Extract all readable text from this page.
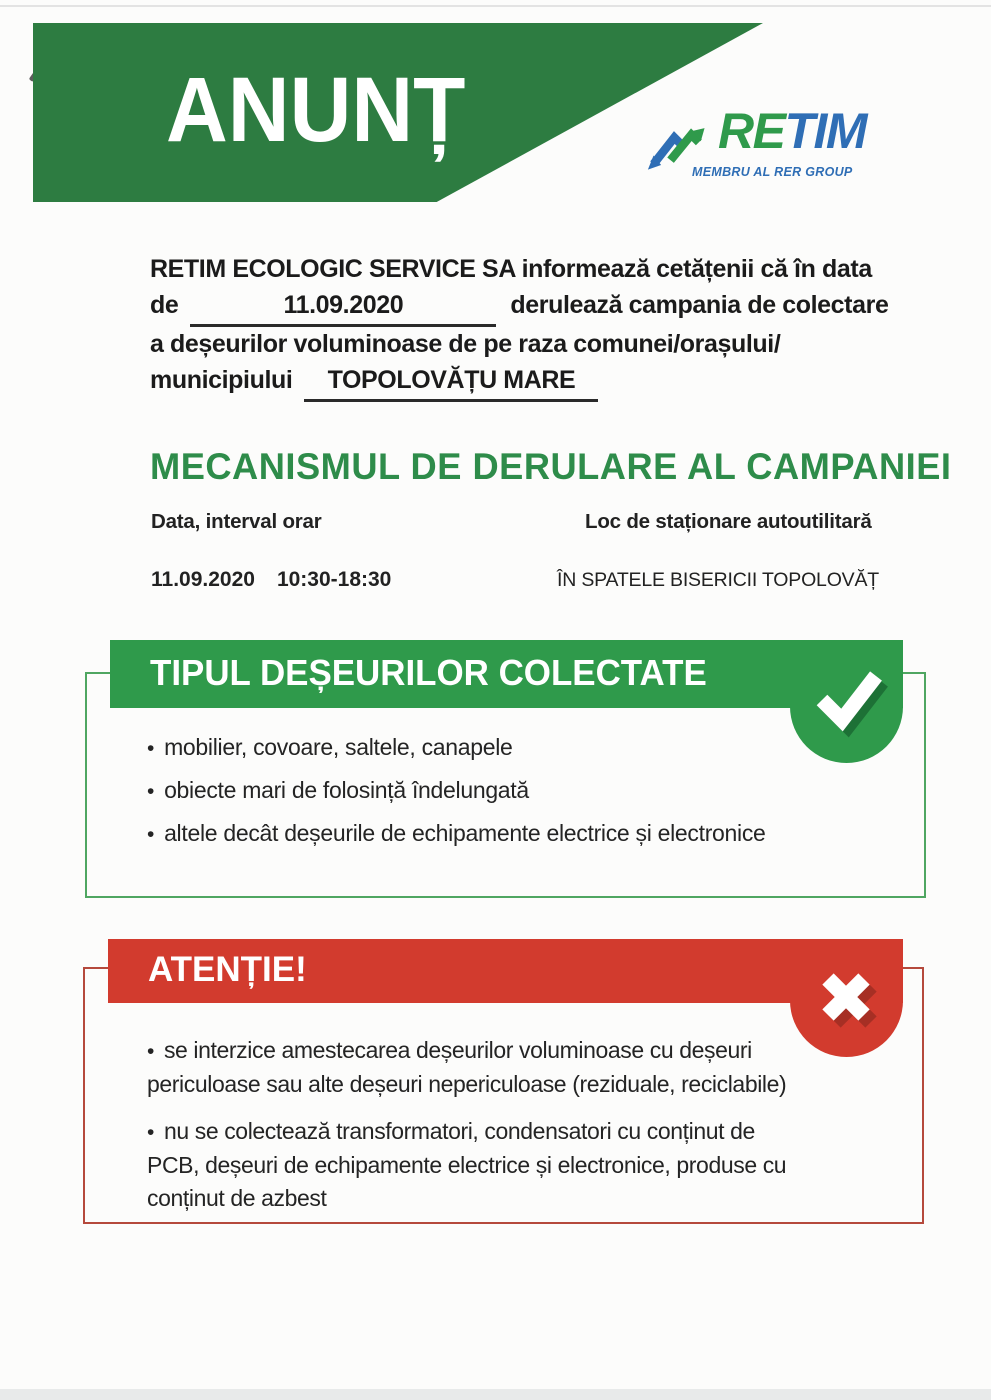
ANUNȚ	RETIM
MEMBRU AL RER GROUP
RETIM ECOLOGIC SERVICE SA informează cetățenii că în data
de	11.09.2020	derulează campania de colectare
a deșeurilor voluminoase de pe raza comunei/orașului/
municipiului TOPOLOVĂȚU MARE
MECANISMUL DE DERULARE AL CAMPANIEI
Data, interval orar	Loc de staționare autoutilitară
11.09.2020 10:30-18:30	ÎN SPATELE BISERICII TOPOLOVĂȚ
TIPUL DEȘEURILOR COLECTATE
• mobilier, covoare, saltele, canapele
• obiecte mari de folosință îndelungată
• altele decât deșeurile de echipamente electrice și electronice
ATENȚIE!
• se interzice amestecarea deșeurilor voluminoase cu deșeuri
periculoase sau alte deșeuri nepericuloase (reziduale, reciclabile)
• nu se colectează transformatori, condensatori cu conținut de
PCB, deșeuri de echipamente electrice și electronice, produse cu
conținut de azbest
